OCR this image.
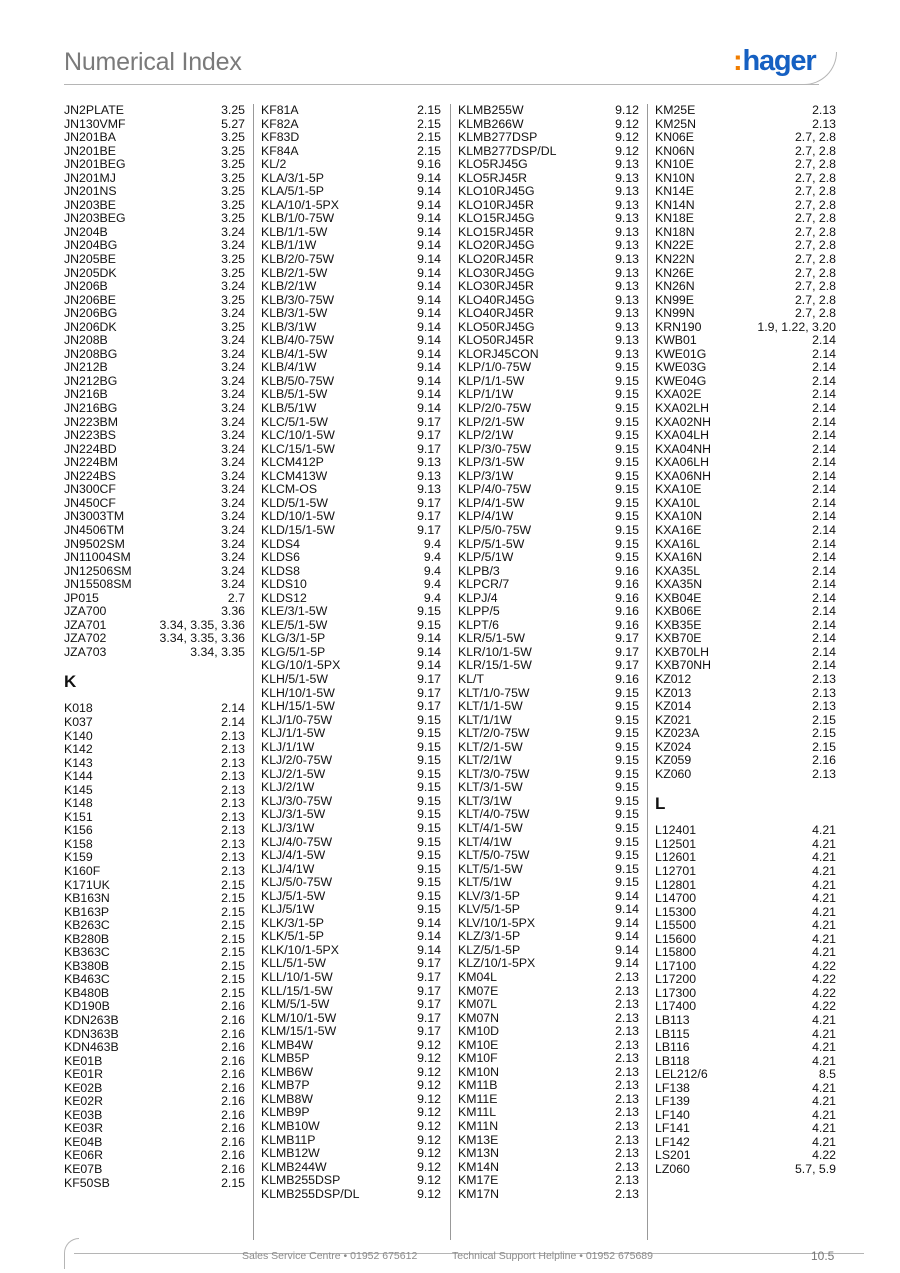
Numerical Index	:hager
JN2PLATE	3.25
JN130VMF	5.27
JN201BA	3.25
JN201BE	3.25
JN201BEG	3.25
JN201MJ	3.25
JN201NS	3.25
JN203BE	3.25
JN203BEG	3.25
JN204B	3.24
JN204BG	3.24
JN205BE	3.25
JN205DK	3.25
JN206B	3.24
JN206BE	3.25
JN206BG	3.24
JN206DK	3.25
JN208B	3.24
JN208BG	3.24
JN212B	3.24
JN212BG	3.24
JN216B	3.24
JN216BG	3.24
JN223BM	3.24
JN223BS	3.24
JN224BD	3.24
JN224BM	3.24
JN224BS	3.24
JN300CF	3.24
JN450CF	3.24
JN3003TM	3.24
JN4506TM	3.24
JN9502SM	3.24
JN11004SM	3.24
JN12506SM	3.24
JN15508SM	3.24
JP015	2.7
JZA700	3.36
JZA701	3.34, 3.35, 3.36
JZA702	3.34, 3.35, 3.36
JZA703	3.34, 3.35
K
K018	2.14
K037	2.14
K140	2.13
K142	2.13
K143	2.13
K144	2.13
K145	2.13
K148	2.13
K151	2.13
K156	2.13
K158	2.13
K159	2.13
K160F	2.13
K171UK	2.15
KB163N	2.15
KB163P	2.15
KB263C	2.15
KB280B	2.15
KB363C	2.15
KB380B	2.15
KB463C	2.15
KB480B	2.15
KD190B	2.16
KDN263B	2.16
KDN363B	2.16
KDN463B	2.16
KE01B	2.16
KE01R	2.16
KE02B	2.16
KE02R	2.16
KE03B	2.16
KE03R	2.16
KE04B	2.16
KE06R	2.16
KE07B	2.16
KF50SB	2.15
KF81A	2.15
KF82A	2.15
KF83D	2.15
KF84A	2.15
KL/2	9.16
KLA/3/1-5P	9.14
KLA/5/1-5P	9.14
KLA/10/1-5PX	9.14
KLB/1/0-75W	9.14
KLB/1/1-5W	9.14
KLB/1/1W	9.14
KLB/2/0-75W	9.14
KLB/2/1-5W	9.14
KLB/2/1W	9.14
KLB/3/0-75W	9.14
KLB/3/1-5W	9.14
KLB/3/1W	9.14
KLB/4/0-75W	9.14
KLB/4/1-5W	9.14
KLB/4/1W	9.14
KLB/5/0-75W	9.14
KLB/5/1-5W	9.14
KLB/5/1W	9.14
KLC/5/1-5W	9.17
KLC/10/1-5W	9.17
KLC/15/1-5W	9.17
KLCM412P	9.13
KLCM413W	9.13
KLCM-OS	9.13
KLD/5/1-5W	9.17
KLD/10/1-5W	9.17
KLD/15/1-5W	9.17
KLDS4	9.4
KLDS6	9.4
KLDS8	9.4
KLDS10	9.4
KLDS12	9.4
KLE/3/1-5W	9.15
KLE/5/1-5W	9.15
KLG/3/1-5P	9.14
KLG/5/1-5P	9.14
KLG/10/1-5PX	9.14
KLH/5/1-5W	9.17
KLH/10/1-5W	9.17
KLH/15/1-5W	9.17
KLJ/1/0-75W	9.15
KLJ/1/1-5W	9.15
KLJ/1/1W	9.15
KLJ/2/0-75W	9.15
KLJ/2/1-5W	9.15
KLJ/2/1W	9.15
KLJ/3/0-75W	9.15
KLJ/3/1-5W	9.15
KLJ/3/1W	9.15
KLJ/4/0-75W	9.15
KLJ/4/1-5W	9.15
KLJ/4/1W	9.15
KLJ/5/0-75W	9.15
KLJ/5/1-5W	9.15
KLJ/5/1W	9.15
KLK/3/1-5P	9.14
KLK/5/1-5P	9.14
KLK/10/1-5PX	9.14
KLL/5/1-5W	9.17
KLL/10/1-5W	9.17
KLL/15/1-5W	9.17
KLM/5/1-5W	9.17
KLM/10/1-5W	9.17
KLM/15/1-5W	9.17
KLMB4W	9.12
KLMB5P	9.12
KLMB6W	9.12
KLMB7P	9.12
KLMB8W	9.12
KLMB9P	9.12
KLMB10W	9.12
KLMB11P	9.12
KLMB12W	9.12
KLMB244W	9.12
KLMB255DSP	9.12
KLMB255DSP/DL	9.12
KLMB255W	9.12
KLMB266W	9.12
KLMB277DSP	9.12
KLMB277DSP/DL	9.12
KLO5RJ45G	9.13
KLO5RJ45R	9.13
KLO10RJ45G	9.13
KLO10RJ45R	9.13
KLO15RJ45G	9.13
KLO15RJ45R	9.13
KLO20RJ45G	9.13
KLO20RJ45R	9.13
KLO30RJ45G	9.13
KLO30RJ45R	9.13
KLO40RJ45G	9.13
KLO40RJ45R	9.13
KLO50RJ45G	9.13
KLO50RJ45R	9.13
KLORJ45CON	9.13
KLP/1/0-75W	9.15
KLP/1/1-5W	9.15
KLP/1/1W	9.15
KLP/2/0-75W	9.15
KLP/2/1-5W	9.15
KLP/2/1W	9.15
KLP/3/0-75W	9.15
KLP/3/1-5W	9.15
KLP/3/1W	9.15
KLP/4/0-75W	9.15
KLP/4/1-5W	9.15
KLP/4/1W	9.15
KLP/5/0-75W	9.15
KLP/5/1-5W	9.15
KLP/5/1W	9.15
KLPB/3	9.16
KLPCR/7	9.16
KLPJ/4	9.16
KLPP/5	9.16
KLPT/6	9.16
KLR/5/1-5W	9.17
KLR/10/1-5W	9.17
KLR/15/1-5W	9.17
KL/T	9.16
KLT/1/0-75W	9.15
KLT/1/1-5W	9.15
KLT/1/1W	9.15
KLT/2/0-75W	9.15
KLT/2/1-5W	9.15
KLT/2/1W	9.15
KLT/3/0-75W	9.15
KLT/3/1-5W	9.15
KLT/3/1W	9.15
KLT/4/0-75W	9.15
KLT/4/1-5W	9.15
KLT/4/1W	9.15
KLT/5/0-75W	9.15
KLT/5/1-5W	9.15
KLT/5/1W	9.15
KLV/3/1-5P	9.14
KLV/5/1-5P	9.14
KLV/10/1-5PX	9.14
KLZ/3/1-5P	9.14
KLZ/5/1-5P	9.14
KLZ/10/1-5PX	9.14
KM04L	2.13
KM07E	2.13
KM07L	2.13
KM07N	2.13
KM10D	2.13
KM10E	2.13
KM10F	2.13
KM10N	2.13
KM11B	2.13
KM11E	2.13
KM11L	2.13
KM11N	2.13
KM13E	2.13
KM13N	2.13
KM14N	2.13
KM17E	2.13
KM17N	2.13
KM25E	2.13
KM25N	2.13
KN06E	2.7, 2.8
KN06N	2.7, 2.8
KN10E	2.7, 2.8
KN10N	2.7, 2.8
KN14E	2.7, 2.8
KN14N	2.7, 2.8
KN18E	2.7, 2.8
KN18N	2.7, 2.8
KN22E	2.7, 2.8
KN22N	2.7, 2.8
KN26E	2.7, 2.8
KN26N	2.7, 2.8
KN99E	2.7, 2.8
KN99N	2.7, 2.8
KRN190	1.9, 1.22, 3.20
KWB01	2.14
KWE01G	2.14
KWE03G	2.14
KWE04G	2.14
KXA02E	2.14
KXA02LH	2.14
KXA02NH	2.14
KXA04LH	2.14
KXA04NH	2.14
KXA06LH	2.14
KXA06NH	2.14
KXA10E	2.14
KXA10L	2.14
KXA10N	2.14
KXA16E	2.14
KXA16L	2.14
KXA16N	2.14
KXA35L	2.14
KXA35N	2.14
KXB04E	2.14
KXB06E	2.14
KXB35E	2.14
KXB70E	2.14
KXB70LH	2.14
KXB70NH	2.14
KZ012	2.13
KZ013	2.13
KZ014	2.13
KZ021	2.15
KZ023A	2.15
KZ024	2.15
KZ059	2.16
KZ060	2.13
L
L12401	4.21
L12501	4.21
L12601	4.21
L12701	4.21
L12801	4.21
L14700	4.21
L15300	4.21
L15500	4.21
L15600	4.21
L15800	4.21
L17100	4.22
L17200	4.22
L17300	4.22
L17400	4.22
LB113	4.21
LB115	4.21
LB116	4.21
LB118	4.21
LEL212/6	8.5
LF138	4.21
LF139	4.21
LF140	4.21
LF141	4.21
LF142	4.21
LS201	4.22
LZ060	5.7, 5.9
Sales Service Centre • 01952 675612	Technical Support Helpline • 01952 675689	10.5
